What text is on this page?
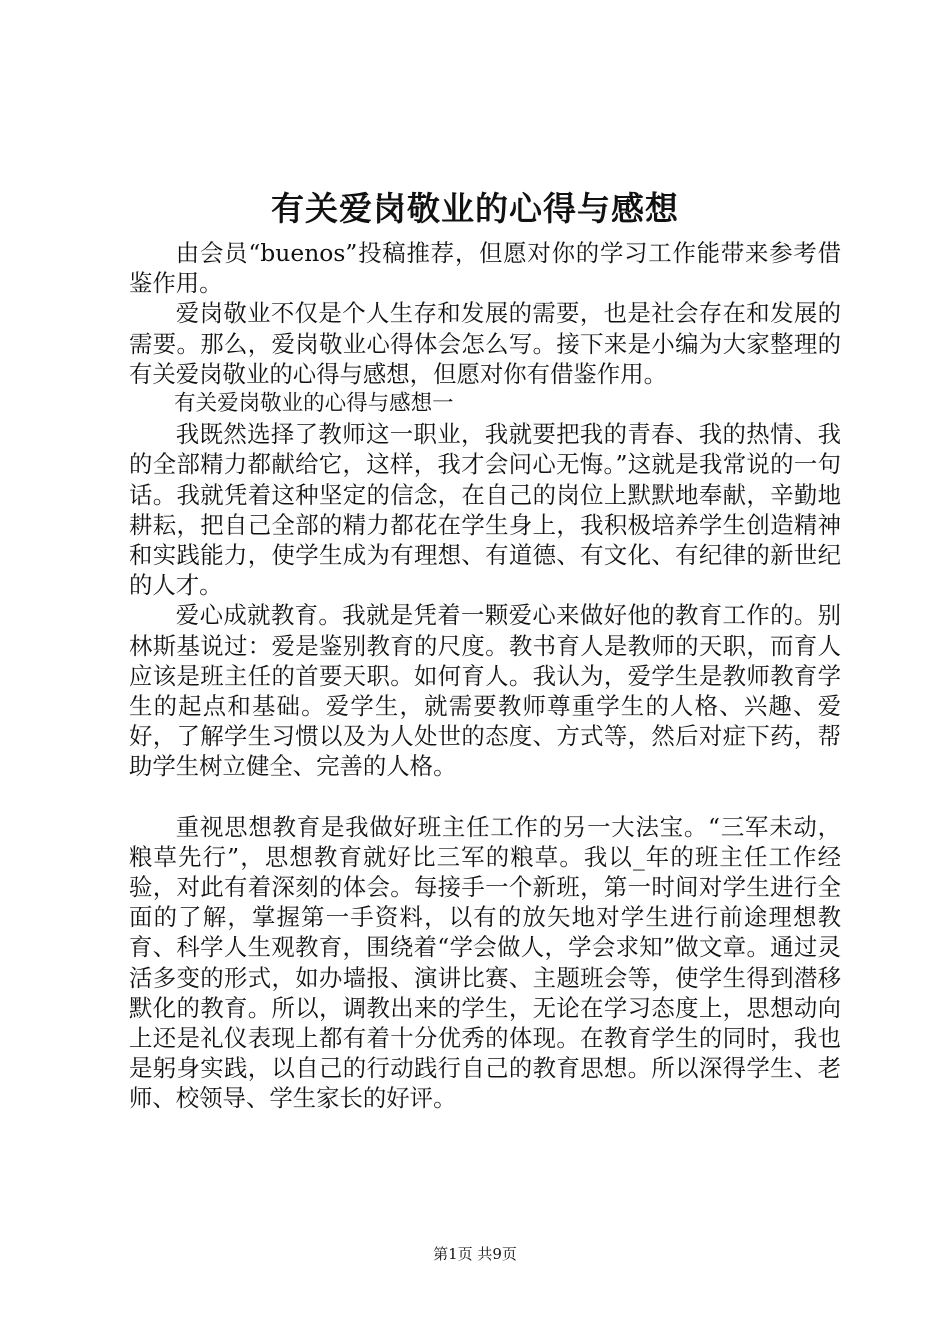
有关爱岗敬业的心得与感想

由会员“buenos”投稿推荐，但愿对你的学习工作能带来参考借鉴作用。

爱岗敬业不仅是个人生存和发展的需要，也是社会存在和发展的需要。那么，爱岗敬业心得体会怎么写。接下来是小编为大家整理的有关爱岗敬业的心得与感想，但愿对你有借鉴作用。

有关爱岗敬业的心得与感想一

我既然选择了教师这一职业，我就要把我的青春、我的热情、我的全部精力都献给它，这样，我才会问心无悔。”这就是我常说的一句话。我就凭着这种坚定的信念，在自己的岗位上默默地奉献，辛勤地耕耘，把自己全部的精力都花在学生身上，我积极培养学生创造精神和实践能力，使学生成为有理想、有道德、有文化、有纪律的新世纪的人才。

爱心成就教育。我就是凭着一颗爱心来做好他的教育工作的。别林斯基说过：爱是鉴别教育的尺度。教书育人是教师的天职，而育人应该是班主任的首要天职。如何育人。我认为，爱学生是教师教育学生的起点和基础。爱学生，就需要教师尊重学生的人格、兴趣、爱好，了解学生习惯以及为人处世的态度、方式等，然后对症下药，帮助学生树立健全、完善的人格。

重视思想教育是我做好班主任工作的另一大法宝。“三军未动，粮草先行”，思想教育就好比三军的粮草。我以_年的班主任工作经验，对此有着深刻的体会。每接手一个新班，第一时间对学生进行全面的了解，掌握第一手资料，以有的放矢地对学生进行前途理想教育、科学人生观教育，围绕着“学会做人，学会求知”做文章。通过灵活多变的形式，如办墙报、演讲比赛、主题班会等，使学生得到潜移默化的教育。所以，调教出来的学生，无论在学习态度上，思想动向上还是礼仪表现上都有着十分优秀的体现。在教育学生的同时，我也是躬身实践，以自己的行动践行自己的教育思想。所以深得学生、老师、校领导、学生家长的好评。

第1页 共9页
